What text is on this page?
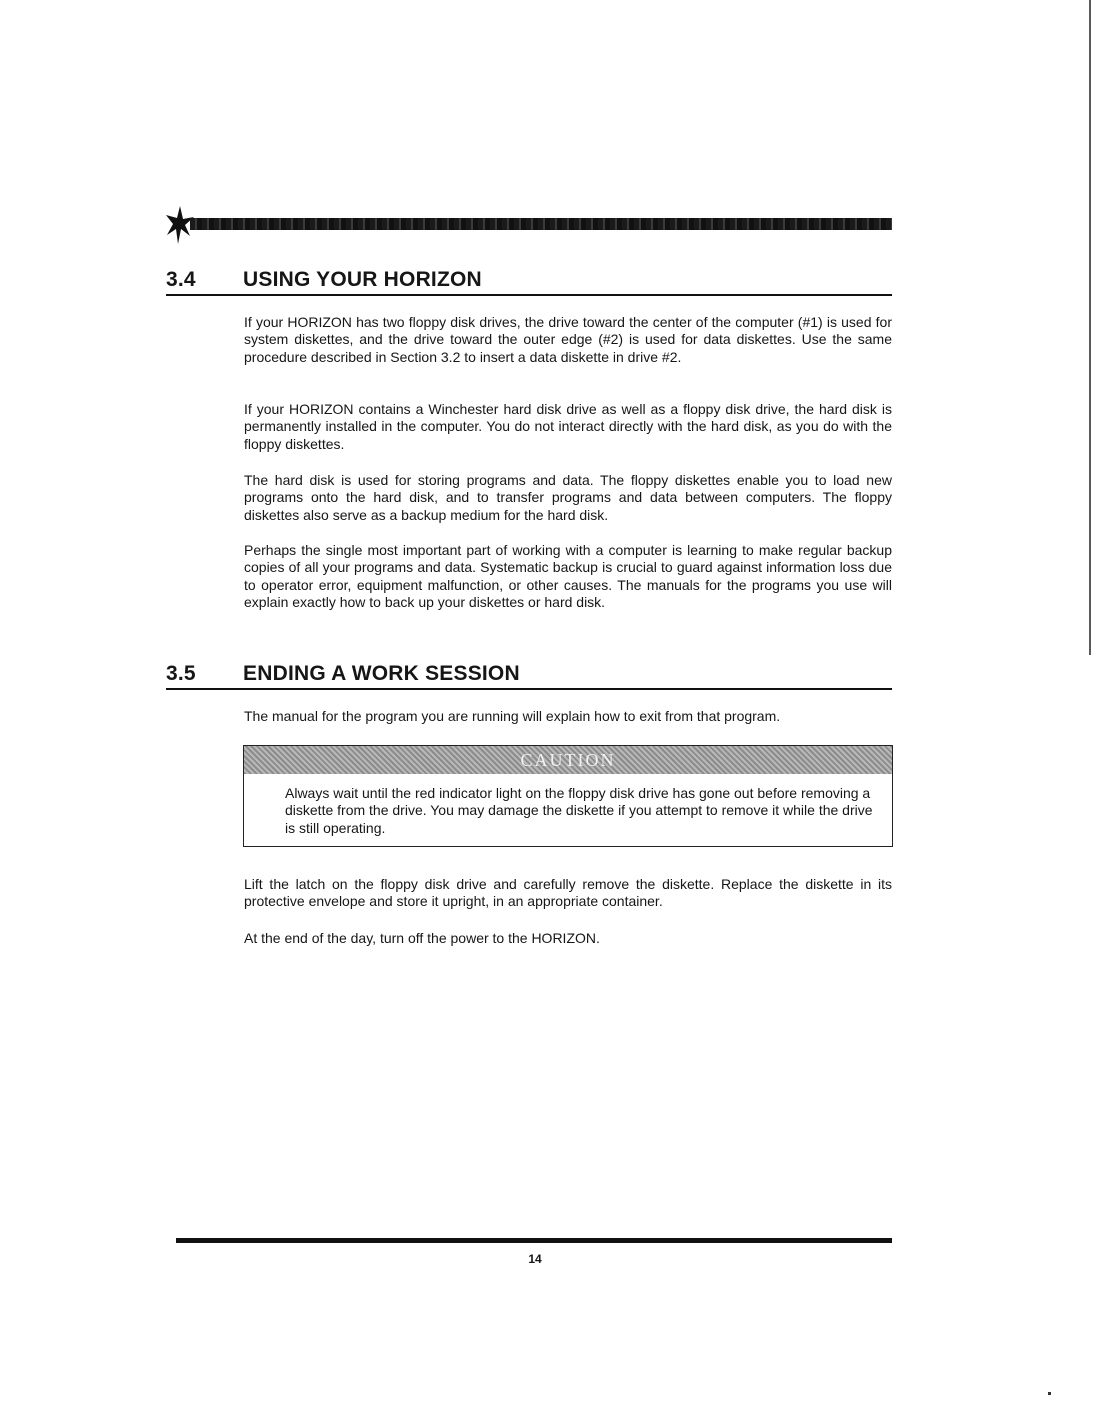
3.4 USING YOUR HORIZON

If your HORIZON has two floppy disk drives, the drive toward the center of the computer (#1) is used for system diskettes, and the drive toward the outer edge (#2) is used for data diskettes. Use the same procedure described in Section 3.2 to insert a data diskette in drive #2.

If your HORIZON contains a Winchester hard disk drive as well as a floppy disk drive, the hard disk is permanently installed in the computer. You do not interact directly with the hard disk, as you do with the floppy diskettes.

The hard disk is used for storing programs and data. The floppy diskettes enable you to load new programs onto the hard disk, and to transfer programs and data between computers. The floppy diskettes also serve as a backup medium for the hard disk.

Perhaps the single most important part of working with a computer is learning to make regular backup copies of all your programs and data. Systematic backup is crucial to guard against information loss due to operator error, equipment malfunction, or other causes. The manuals for the programs you use will explain exactly how to back up your diskettes or hard disk.

3.5 ENDING A WORK SESSION

The manual for the program you are running will explain how to exit from that program.

CAUTION

Always wait until the red indicator light on the floppy disk drive has gone out before removing a diskette from the drive. You may damage the diskette if you attempt to remove it while the drive is still operating.

Lift the latch on the floppy disk drive and carefully remove the diskette. Replace the diskette in its protective envelope and store it upright, in an appropriate container.

At the end of the day, turn off the power to the HORIZON.

14
